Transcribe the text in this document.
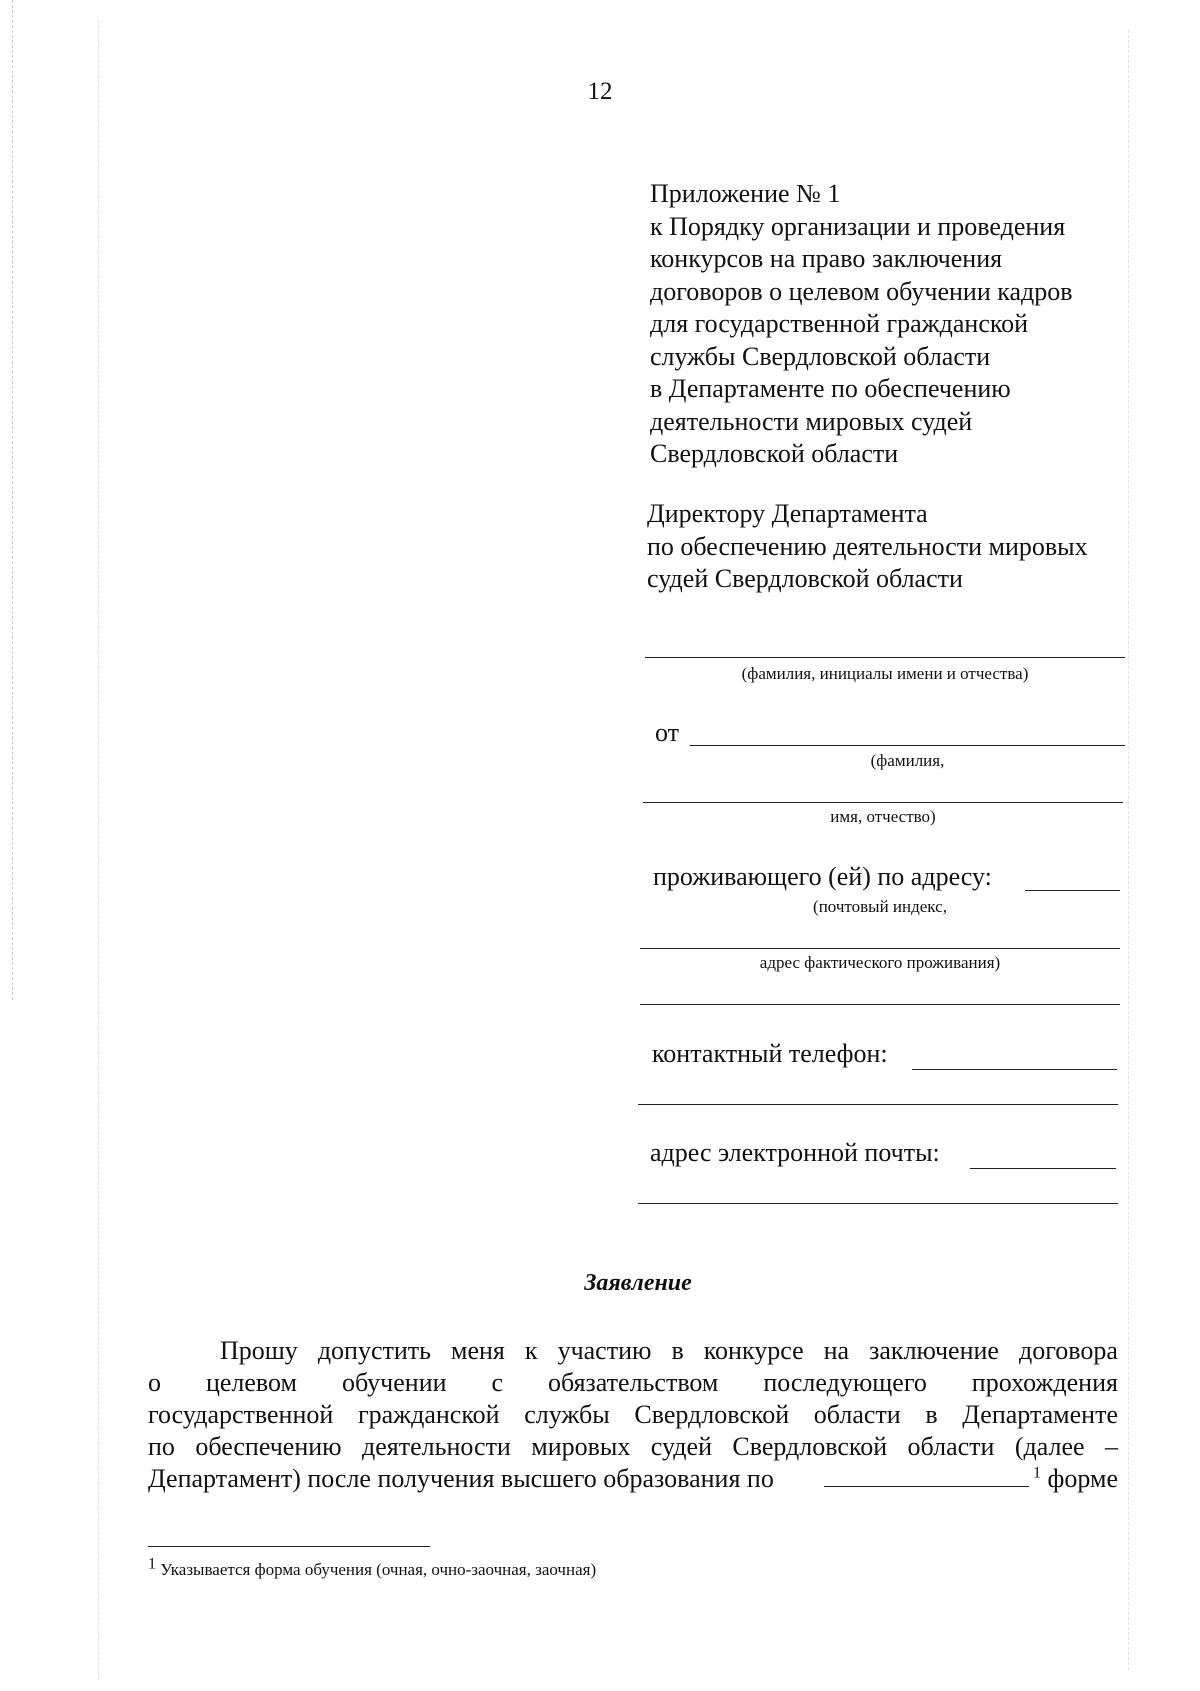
12
Приложение № 1
к Порядку организации и проведения
конкурсов на право заключения
договоров о целевом обучении кадров
для государственной гражданской
службы Свердловской области
в Департаменте по обеспечению
деятельности мировых судей
Свердловской области
Директору Департамента
по обеспечению деятельности мировых
судей Свердловской области
(фамилия, инициалы имени и отчества)
от
(фамилия,
имя, отчество)
проживающего (ей) по адресу:
(почтовый индекс,
адрес фактического проживания)
контактный телефон:
адрес электронной почты:
Заявление
Прошу допустить меня к участию в конкурсе на заключение договора
о целевом обучении с обязательством последующего прохождения
государственной гражданской службы Свердловской области в Департаменте
по обеспечению деятельности мировых судей Свердловской области (далее –
Департамент) после получения высшего образования по	$^1$ форме
$^1$ Указывается форма обучения (очная, очно-заочная, заочная)
